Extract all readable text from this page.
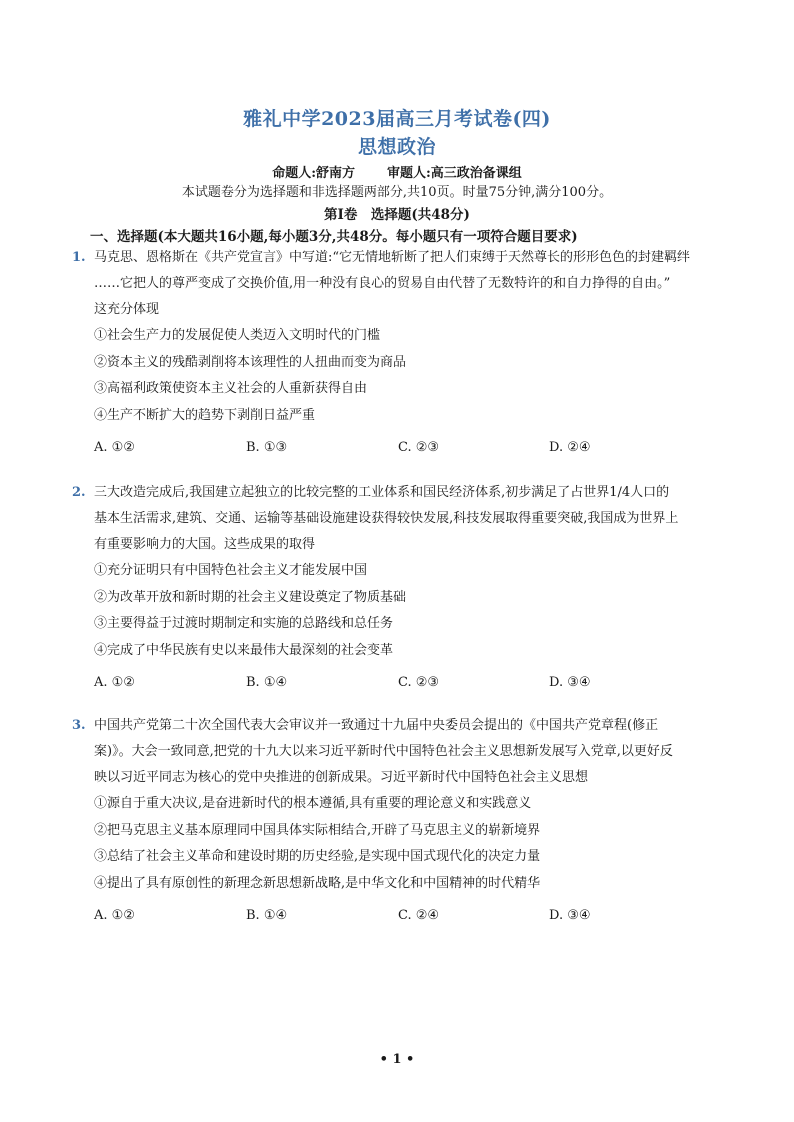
雅礼中学2023届高三月考试卷(四)
思想政治
命题人:舒南方 审题人:高三政治备课组
本试题卷分为选择题和非选择题两部分,共10页。时量75分钟,满分100分。
第Ⅰ卷　选择题(共48分)
一、选择题(本大题共16小题,每小题3分,共48分。每小题只有一项符合题目要求)
1. 马克思、恩格斯在《共产党宣言》中写道:“它无情地斩断了把人们束缚于天然尊长的形形色色的封建羁绊
……它把人的尊严变成了交换价值,用一种没有良心的贸易自由代替了无数特许的和自力挣得的自由。”
这充分体现
①社会生产力的发展促使人类迈入文明时代的门槛
②资本主义的残酷剥削将本该理性的人扭曲而变为商品
③高福利政策使资本主义社会的人重新获得自由
④生产不断扩大的趋势下剥削日益严重
A. ①②	B. ①③	C. ②③	D. ②④
2. 三大改造完成后,我国建立起独立的比较完整的工业体系和国民经济体系,初步满足了占世界1/4人口的
基本生活需求,建筑、交通、运输等基础设施建设获得较快发展,科技发展取得重要突破,我国成为世界上
有重要影响力的大国。这些成果的取得
①充分证明只有中国特色社会主义才能发展中国
②为改革开放和新时期的社会主义建设奠定了物质基础
③主要得益于过渡时期制定和实施的总路线和总任务
④完成了中华民族有史以来最伟大最深刻的社会变革
A. ①②	B. ①④	C. ②③	D. ③④
3. 中国共产党第二十次全国代表大会审议并一致通过十九届中央委员会提出的《中国共产党章程(修正
案)》。大会一致同意,把党的十九大以来习近平新时代中国特色社会主义思想新发展写入党章,以更好反
映以习近平同志为核心的党中央推进的创新成果。习近平新时代中国特色社会主义思想
①源自于重大决议,是奋进新时代的根本遵循,具有重要的理论意义和实践意义
②把马克思主义基本原理同中国具体实际相结合,开辟了马克思主义的崭新境界
③总结了社会主义革命和建设时期的历史经验,是实现中国式现代化的决定力量
④提出了具有原创性的新理念新思想新战略,是中华文化和中国精神的时代精华
A. ①②	B. ①④	C. ②④	D. ③④
• 1 •
